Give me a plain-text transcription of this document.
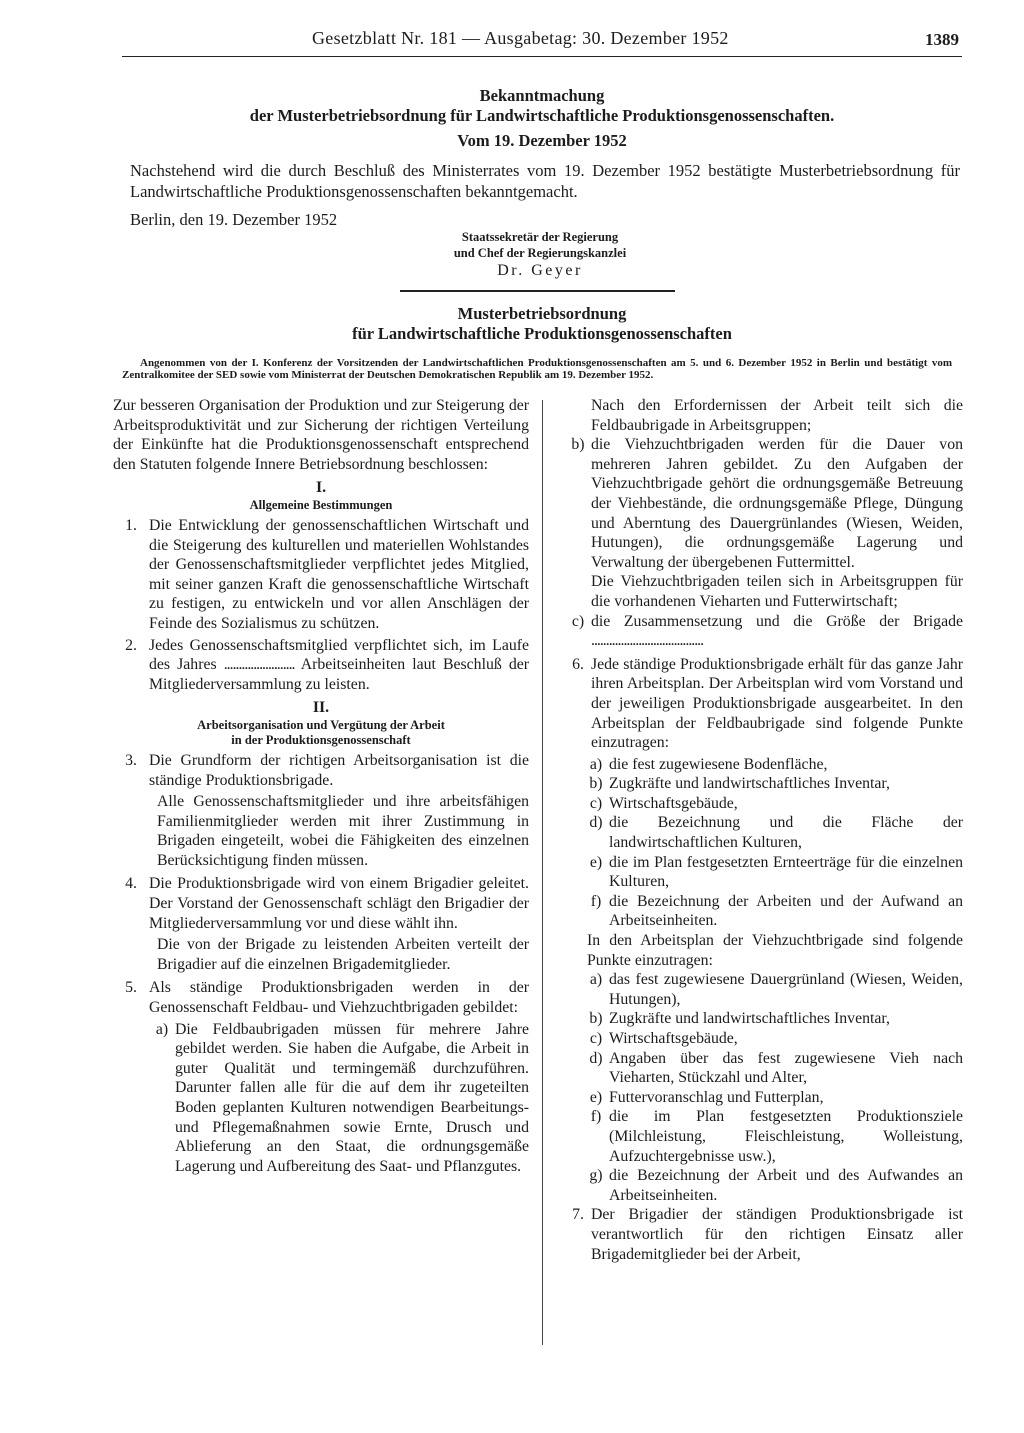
Gesetzblatt Nr. 181 — Ausgabetag: 30. Dezember 1952	1389
Bekanntmachung
der Musterbetriebsordnung für Landwirtschaftliche Produktionsgenossenschaften.
Vom 19. Dezember 1952

Nachstehend wird die durch Beschluß des Ministerrates vom 19. Dezember 1952 bestätigte Musterbetriebsordnung für Landwirtschaftliche Produktionsgenossenschaften bekanntgemacht.

Berlin, den 19. Dezember 1952
Staatssekretär der Regierung
und Chef der Regierungskanzlei
Dr. Geyer
Musterbetriebsordnung
für Landwirtschaftliche Produktionsgenossenschaften

Angenommen von der I. Konferenz der Vorsitzenden der Landwirtschaftlichen Produktionsgenossenschaften am 5. und 6. Dezember 1952 in Berlin und bestätigt vom Zentralkomitee der SED sowie vom Ministerrat der Deutschen Demokratischen Republik am 19. Dezember 1952.

Zur besseren Organisation der Produktion und zur Steigerung der Arbeitsproduktivität und zur Sicherung der richtigen Verteilung der Einkünfte hat die Produktionsgenossenschaft entsprechend den Statuten folgende Innere Betriebsordnung beschlossen:

I.
Allgemeine Bestimmungen
1. Die Entwicklung der genossenschaftlichen Wirtschaft und die Steigerung des kulturellen und materiellen Wohlstandes der Genossenschaftsmitglieder verpflichtet jedes Mitglied, mit seiner ganzen Kraft die genossenschaftliche Wirtschaft zu festigen, zu entwickeln und vor allen Anschlägen der Feinde des Sozialismus zu schützen.
2. Jedes Genossenschaftsmitglied verpflichtet sich, im Laufe des Jahres ........................ Arbeitseinheiten laut Beschluß der Mitgliederversammlung zu leisten.
II.
Arbeitsorganisation und Vergütung der Arbeit
in der Produktionsgenossenschaft
3. Die Grundform der richtigen Arbeitsorganisation ist die ständige Produktionsbrigade.

Alle Genossenschaftsmitglieder und ihre arbeitsfähigen Familienmitglieder werden mit ihrer Zustimmung in Brigaden eingeteilt, wobei die Fähigkeiten des einzelnen Berücksichtigung finden müssen.

4. Die Produktionsbrigade wird von einem Brigadier geleitet. Der Vorstand der Genossenschaft schlägt den Brigadier der Mitgliederversammlung vor und diese wählt ihn.

Die von der Brigade zu leistenden Arbeiten verteilt der Brigadier auf die einzelnen Brigademitglieder.

5. Als ständige Produktionsbrigaden werden in der Genossenschaft Feldbau- und Viehzuchtbrigaden gebildet:
a) Die Feldbaubrigaden müssen für mehrere Jahre gebildet werden. Sie haben die Aufgabe, die Arbeit in guter Qualität und termingemäß durchzuführen. Darunter fallen alle für die auf dem ihr zugeteilten Boden geplanten Kulturen notwendigen Bearbeitungs- und Pflegemaßnahmen sowie Ernte, Drusch und Ablieferung an den Staat, die ordnungsgemäße Lagerung und Aufbereitung des Saat- und Pflanzgutes.

Nach den Erfordernissen der Arbeit teilt sich die Feldbaubrigade in Arbeitsgruppen;

b) die Viehzuchtbrigaden werden für die Dauer von mehreren Jahren gebildet. Zu den Aufgaben der Viehzuchtbrigade gehört die ordnungsgemäße Betreuung der Viehbestände, die ordnungsgemäße Pflege, Düngung und Aberntung des Dauergrünlandes (Wiesen, Weiden, Hutungen), die ordnungsgemäße Lagerung und Verwaltung der übergebenen Futtermittel.

Die Viehzuchtbrigaden teilen sich in Arbeitsgruppen für die vorhandenen Vieharten und Futterwirtschaft;

c) die Zusammensetzung und die Größe der Brigade ......................................
6. Jede ständige Produktionsbrigade erhält für das ganze Jahr ihren Arbeitsplan. Der Arbeitsplan wird vom Vorstand und der jeweiligen Produktionsbrigade ausgearbeitet. In den Arbeitsplan der Feldbaubrigade sind folgende Punkte einzutragen:
a) die fest zugewiesene Bodenfläche,
b) Zugkräfte und landwirtschaftliches Inventar,
c) Wirtschaftsgebäude,
d) die Bezeichnung und die Fläche der landwirtschaftlichen Kulturen,
e) die im Plan festgesetzten Ernteerträge für die einzelnen Kulturen,
f) die Bezeichnung der Arbeiten und der Aufwand an Arbeitseinheiten.

In den Arbeitsplan der Viehzuchtbrigade sind folgende Punkte einzutragen:

a) das fest zugewiesene Dauergrünland (Wiesen, Weiden, Hutungen),
b) Zugkräfte und landwirtschaftliches Inventar,
c) Wirtschaftsgebäude,
d) Angaben über das fest zugewiesene Vieh nach Vieharten, Stückzahl und Alter,
e) Futtervoranschlag und Futterplan,
f) die im Plan festgesetzten Produktionsziele (Milchleistung, Fleischleistung, Wolleistung, Aufzuchtergebnisse usw.),
g) die Bezeichnung der Arbeit und des Aufwandes an Arbeitseinheiten.
7. Der Brigadier der ständigen Produktionsbrigade ist verantwortlich für den richtigen Einsatz aller Brigademitglieder bei der Arbeit,
